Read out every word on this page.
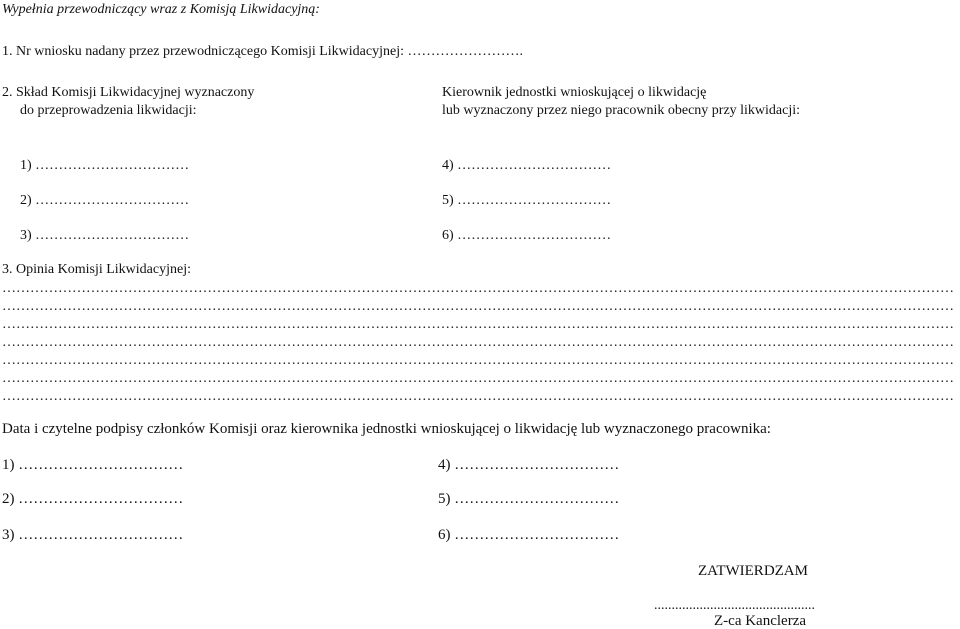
Wypełnia przewodniczący wraz z Komisją Likwidacyjną:
1. Nr wniosku nadany przez przewodniczącego Komisji Likwidacyjnej: …………………….
2. Skład Komisji Likwidacyjnej wyznaczony
do przeprowadzenia likwidacji:
Kierownik jednostki wnioskującej o likwidację
lub wyznaczony przez niego pracownik obecny przy likwidacji:
1) ……………………………
2) ……………………………
3) ……………………………
4) ……………………………
5) ……………………………
6) ……………………………
3. Opinia Komisji Likwidacyjnej:
……………………………………………………………………………………………………………………………………………………………………………………
……………………………………………………………………………………………………………………………………………………………………………………
……………………………………………………………………………………………………………………………………………………………………………………
……………………………………………………………………………………………………………………………………………………………………………………
……………………………………………………………………………………………………………………………………………………………………………………
……………………………………………………………………………………………………………………………………………………………………………………
……………………………………………………………………………………………………………………………………………………………………………………
Data i czytelne podpisy członków Komisji oraz kierownika jednostki wnioskującej o likwidację lub wyznaczonego pracownika:
1) ……………………………
2) ……………………………
3) ……………………………
4) ……………………………
5) ……………………………
6) ……………………………
ZATWIERDZAM
..............................................
Z-ca Kanclerza
